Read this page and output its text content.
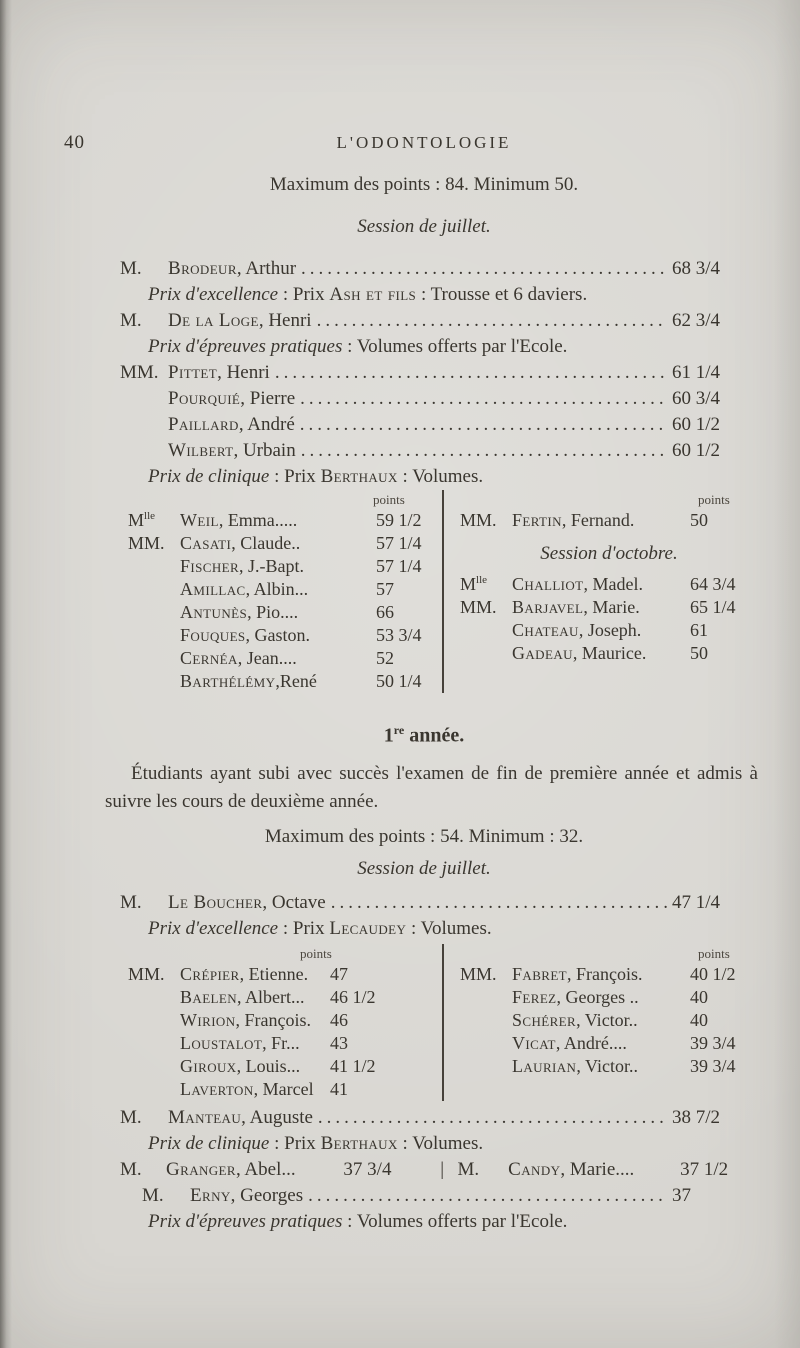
40	L'ODONTOLOGIE
Maximum des points : 84. Minimum 50.
Session de juillet.
M.	Brodeur, Arthur .....	68 3/4
Prix d'excellence : Prix Ash et fils : Trousse et 6 daviers.
M.	De la Loge, Henri .....	62 3/4
Prix d'épreuves pratiques : Volumes offerts par l'Ecole.
MM. Pittet, Henri .....	61 1/4
Pourquié, Pierre .....	60 3/4
Paillard, André .....	60 1/2
Wilbert, Urbain .....	60 1/2
Prix de clinique : Prix Berthaux : Volumes.
points
$M^{lle}$	Weil, Emma.....	59 1/2
MM. Casati, Claude..	57 1/4
Fischer, J.-Bapt.	57 1/4
Amillac, Albin...	57
Antunès, Pio....	66
Fouques, Gaston.	53 3/4
Cernéa, Jean....	52
Barthélémy,René	50 1/4
points
MM. Fertin, Fernand.	50
Session d'octobre.
$M^{lle}$	Challiot, Madel.	64 3/4
MM. Barjavel, Marie.	65 1/4
Chateau, Joseph.	61
Gadeau, Maurice.	50
1re année.
Étudiants ayant subi avec succès l'examen de fin de première année et admis à suivre les cours de deuxième année.
Maximum des points : 54. Minimum : 32.
Session de juillet.
M.	Le Boucher, Octave .....	47 1/4
Prix d'excellence : Prix Lecaudey : Volumes.
points
MM. Crépier, Etienne.	47
Baelen, Albert...	46 1/2
Wirion, François.	46
Loustalot, Fr...	43
Giroux, Louis...	41 1/2
Laverton, Marcel 41
points
MM. Fabret, François.	40 1/2
Ferez, Georges ..	40
Schérer, Victor..	40
Vicat, André....	39 3/4
Laurian, Victor..	39 3/4
M.	Manteau, Auguste .....	38 7/2
Prix de clinique : Prix Berthaux : Volumes.
M.	Granger, Abel...	37 3/4	| M.	Candy, Marie....	37 1/2
M.	Erny, Georges .....	37
Prix d'épreuves pratiques : Volumes offerts par l'Ecole.
